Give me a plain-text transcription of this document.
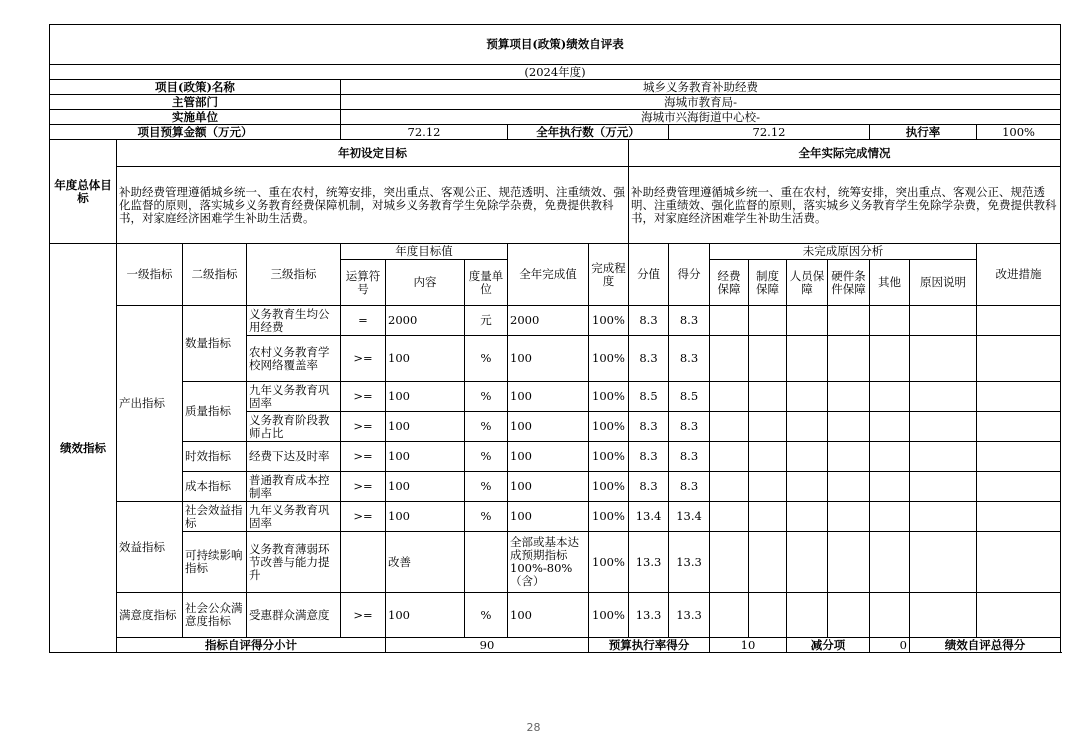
预算项目(政策)绩效自评表																		
(2024年度)																		
项目(政策)名称				城乡义务教育补助经费														
主管部门				海城市教育局-														
实施单位				海城市兴海街道中心校-														
项目预算金额（万元）				72.12			全年执行数（万元）			72.12					执行率		100%	
年度总体目标	年初设定目标								全年实际完成情况									
	补助经费管理遵循城乡统一、重在农村，统筹安排，突出重点、客观公正、规范透明、注重绩效、强化监督的原则，落实城乡义务教育经费保障机制，对城乡义务教育学生免除学杂费，免费提供教科书，对家庭经济困难学生补助生活费。								补助经费管理遵循城乡统一、重在农村，统筹安排，突出重点、客观公正、规范透明、注重绩效、强化监督的原则，落实城乡义务教育学生免除学杂费，免费提供教科书，对家庭经济困难学生补助生活费。									
绩效指标	一级指标	二级指标	三级指标	年度目标值			全年完成值	完成程度	分值	得分	未完成原因分析						改进措施	
				运算符号	内容	度量单位					经费保障	制度保障	人员保障	硬件条件保障	其他	原因说明		
	产出指标	数量指标	义务教育生均公用经费	=	2000	元	2000	100%	8.3	8.3								
			农村义务教育学校网络覆盖率	>=	100	%	100	100%	8.3	8.3								
		质量指标	九年义务教育巩固率	>=	100	%	100	100%	8.5	8.5								
			义务教育阶段教师占比	>=	100	%	100	100%	8.3	8.3								
		时效指标	经费下达及时率	>=	100	%	100	100%	8.3	8.3								
		成本指标	普通教育成本控制率	>=	100	%	100	100%	8.3	8.3								
	效益指标	社会效益指标	九年义务教育巩固率	>=	100	%	100	100%	13.4	13.4								
		可持续影响指标	义务教育薄弱环节改善与能力提升		改善		全部或基本达成预期指标100%-80%（含）	100%	13.3	13.3								
	满意度指标	社会公众满意度指标	受惠群众满意度	>=	100	%	100	100%	13.3	13.3								
	指标自评得分小计				90			预算执行率得分			10		减分项		0	绩效自评总得分	
28
